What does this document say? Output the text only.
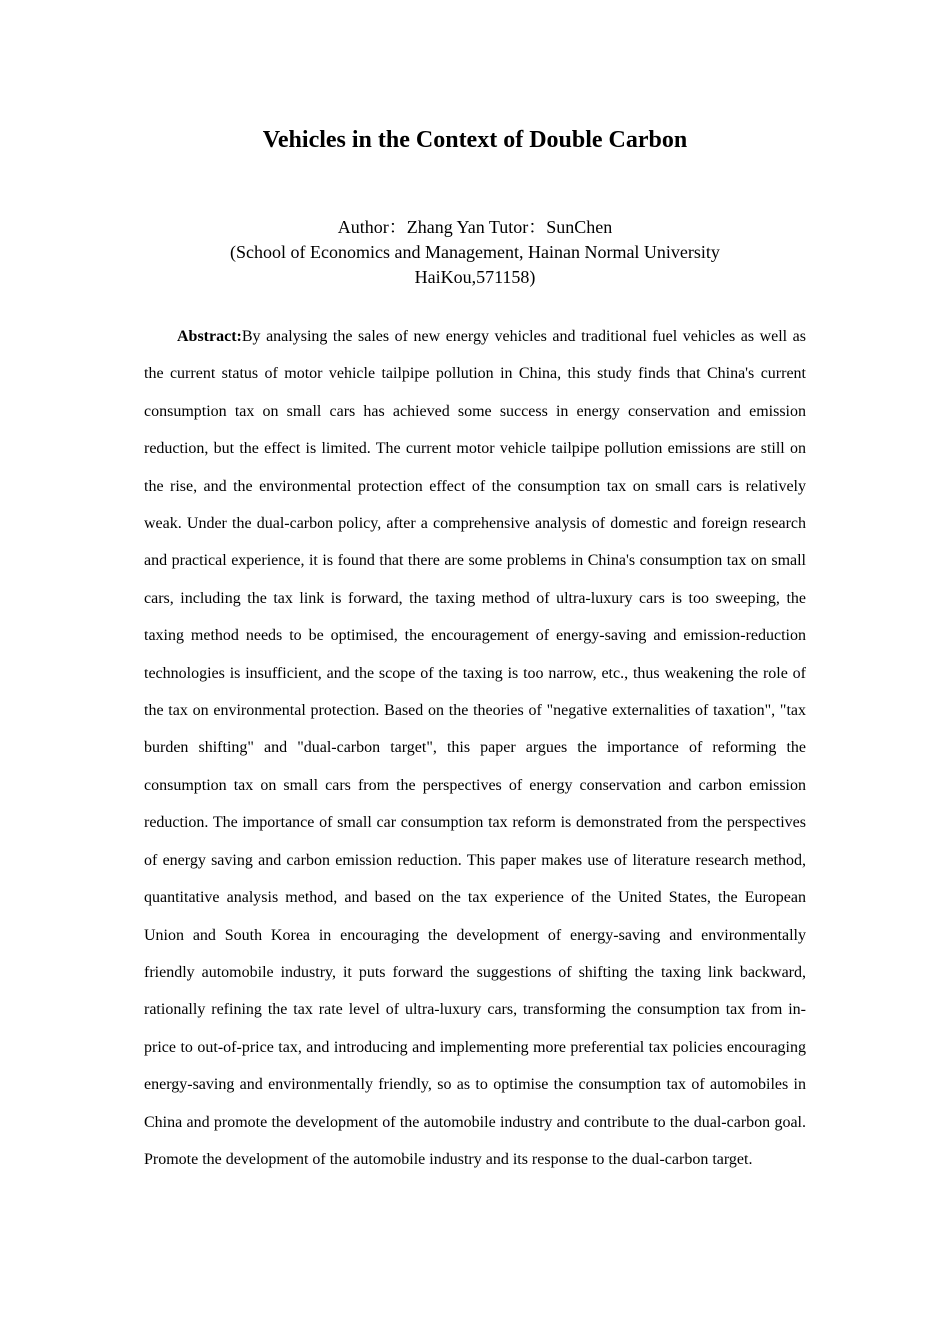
Vehicles in the Context of Double Carbon
Author：Zhang Yan Tutor：SunChen
(School of Economics and Management, Hainan Normal University
HaiKou,571158)

Abstract:By analysing the sales of new energy vehicles and traditional fuel vehicles as well as the current status of motor vehicle tailpipe pollution in China, this study finds that China's current consumption tax on small cars has achieved some success in energy conservation and emission reduction, but the effect is limited. The current motor vehicle tailpipe pollution emissions are still on the rise, and the environmental protection effect of the consumption tax on small cars is relatively weak. Under the dual-carbon policy, after a comprehensive analysis of domestic and foreign research and practical experience, it is found that there are some problems in China's consumption tax on small cars, including the tax link is forward, the taxing method of ultra-luxury cars is too sweeping, the taxing method needs to be optimised, the encouragement of energy-saving and emission-reduction technologies is insufficient, and the scope of the taxing is too narrow, etc., thus weakening the role of the tax on environmental protection. Based on the theories of "negative externalities of taxation", "tax burden shifting" and "dual-carbon target", this paper argues the importance of reforming the consumption tax on small cars from the perspectives of energy conservation and carbon emission reduction. The importance of small car consumption tax reform is demonstrated from the perspectives of energy saving and carbon emission reduction. This paper makes use of literature research method, quantitative analysis method, and based on the tax experience of the United States, the European Union and South Korea in encouraging the development of energy-saving and environmentally friendly automobile industry, it puts forward the suggestions of shifting the taxing link backward, rationally refining the tax rate level of ultra-luxury cars, transforming the consumption tax from in-price to out-of-price tax, and introducing and implementing more preferential tax policies encouraging energy-saving and environmentally friendly, so as to optimise the consumption tax of automobiles in China and promote the development of the automobile industry and contribute to the dual-carbon goal. Promote the development of the automobile industry and its response to the dual-carbon target.
